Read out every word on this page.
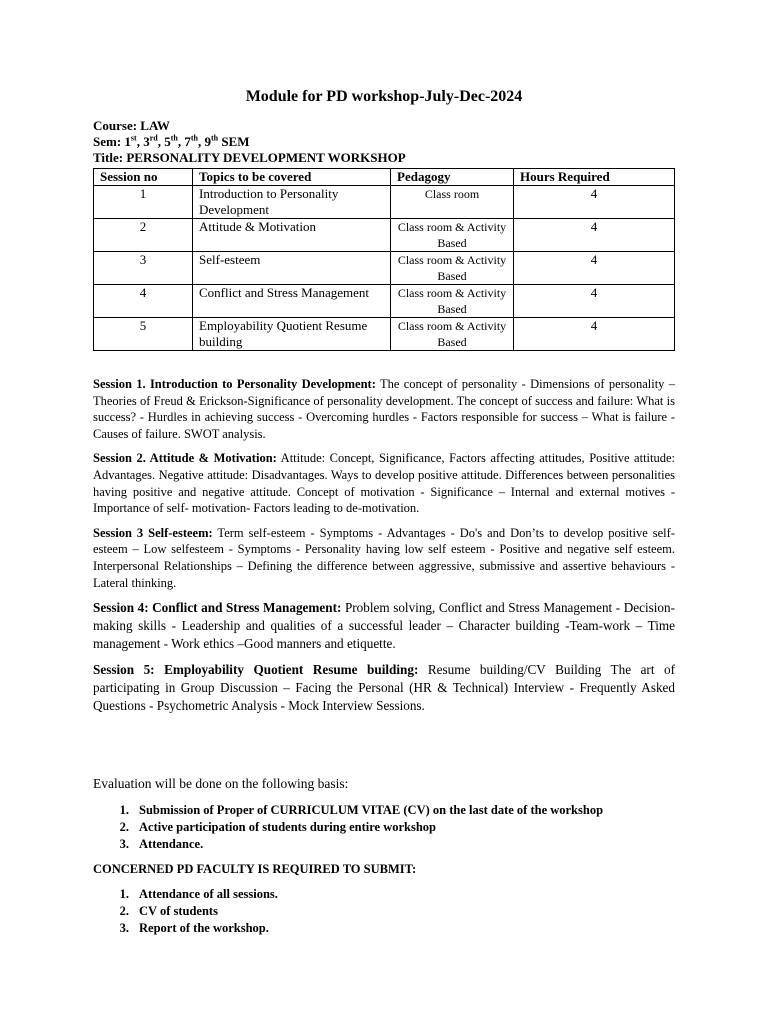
Module for PD workshop-July-Dec-2024
Course: LAW
Sem: 1st, 3rd, 5th, 7th, 9th SEM
Title: PERSONALITY DEVELOPMENT WORKSHOP
Session no	Topics to be covered	Pedagogy	Hours Required
1	Introduction to Personality Development	Class room	4
2	Attitude & Motivation	Class room & Activity Based	4
3	Self-esteem	Class room & Activity Based	4
4	Conflict and Stress Management	Class room & Activity Based	4
5	Employability Quotient Resume building	Class room & Activity Based	4

Session 1. Introduction to Personality Development: The concept of personality - Dimensions of personality – Theories of Freud & Erickson-Significance of personality development. The concept of success and failure: What is success? - Hurdles in achieving success - Overcoming hurdles - Factors responsible for success – What is failure - Causes of failure. SWOT analysis.

Session 2. Attitude & Motivation: Attitude: Concept, Significance, Factors affecting attitudes, Positive attitude: Advantages. Negative attitude: Disadvantages. Ways to develop positive attitude. Differences between personalities having positive and negative attitude. Concept of motivation - Significance – Internal and external motives - Importance of self- motivation- Factors leading to de-motivation.

Session 3 Self-esteem: Term self-esteem - Symptoms - Advantages - Do's and Don’ts to develop positive self-esteem – Low selfesteem - Symptoms - Personality having low self esteem - Positive and negative self esteem. Interpersonal Relationships – Defining the difference between aggressive, submissive and assertive behaviours - Lateral thinking.

Session 4: Conflict and Stress Management: Problem solving, Conflict and Stress Management - Decision-making skills - Leadership and qualities of a successful leader – Character building -Team-work – Time management - Work ethics –Good manners and etiquette.

Session 5: Employability Quotient Resume building: Resume building/CV Building The art of participating in Group Discussion – Facing the Personal (HR & Technical) Interview - Frequently Asked Questions - Psychometric Analysis - Mock Interview Sessions.

Evaluation will be done on the following basis:
1. Submission of Proper of CURRICULUM VITAE (CV) on the last date of the workshop
2. Active participation of students during entire workshop
3. Attendance.
CONCERNED PD FACULTY IS REQUIRED TO SUBMIT:
1. Attendance of all sessions.
2. CV of students
3. Report of the workshop.
